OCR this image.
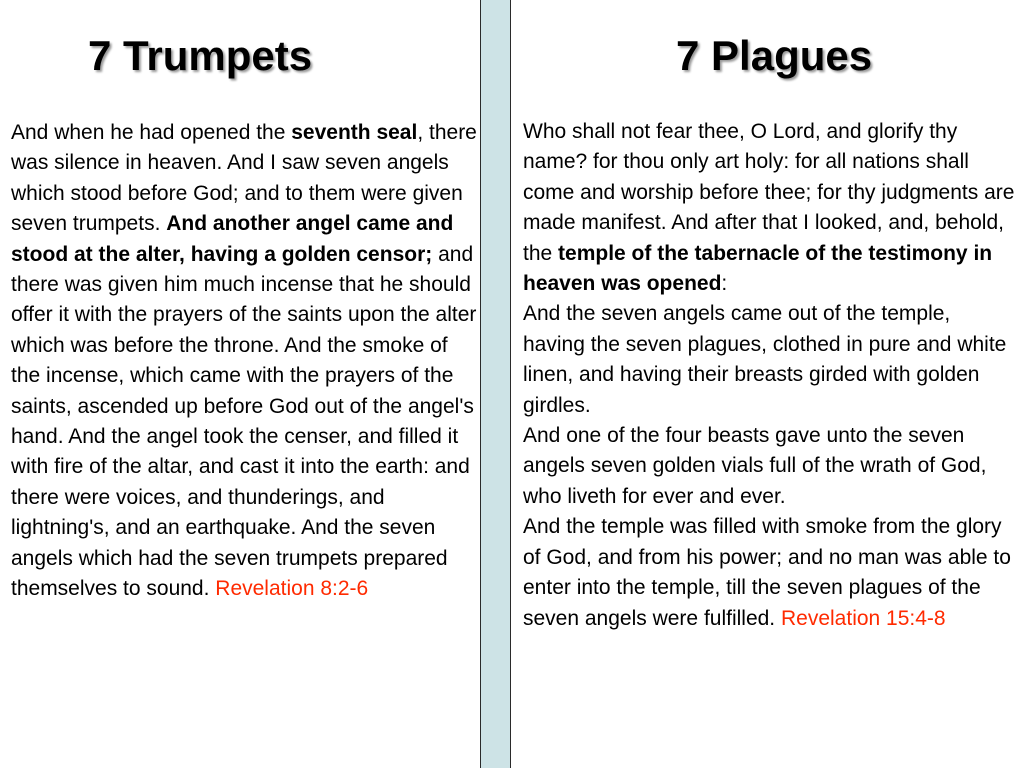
7 Trumpets	7 Plagues

And when he had opened the seventh seal, there was silence in heaven. And I saw seven angels which stood before God; and to them were given seven trumpets. And another angel came and stood at the alter, having a golden censor; and there was given him much incense that he should offer it with the prayers of the saints upon the alter which was before the throne. And the smoke of the incense, which came with the prayers of the saints, ascended up before God out of the angel's hand. And the angel took the censer, and filled it with fire of the altar, and cast it into the earth: and there were voices, and thunderings, and lightning's, and an earthquake. And the seven angels which had the seven trumpets prepared themselves to sound. Revelation 8:2-6

Who shall not fear thee, O Lord, and glorify thy name? for thou only art holy: for all nations shall come and worship before thee; for thy judgments are made manifest. And after that I looked, and, behold, the temple of the tabernacle of the testimony in heaven was opened:

And the seven angels came out of the temple, having the seven plagues, clothed in pure and white linen, and having their breasts girded with golden girdles.

And one of the four beasts gave unto the seven angels seven golden vials full of the wrath of God, who liveth for ever and ever.

And the temple was filled with smoke from the glory of God, and from his power; and no man was able to enter into the temple, till the seven plagues of the seven angels were fulfilled. Revelation 15:4-8
